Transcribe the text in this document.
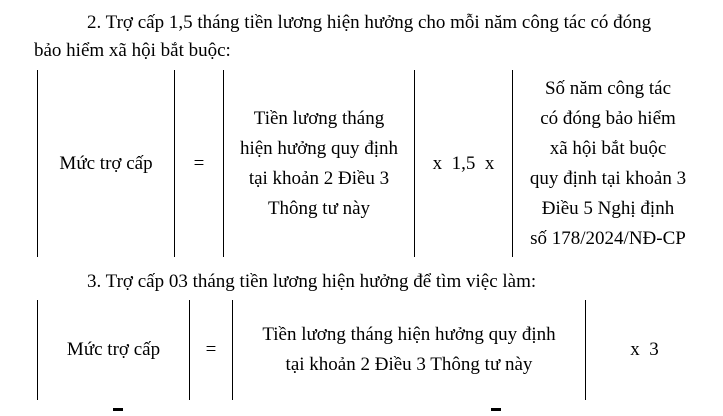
2. Trợ cấp 1,5 tháng tiền lương hiện hưởng cho mỗi năm công tác có đóng
bảo hiểm xã hội bắt buộc:
Mức trợ cấp =
Tiền lương tháng
hiện hưởng quy định
tại khoản 2 Điều 3
Thông tư này
x  1,5  x
Số năm công tác
có đóng bảo hiểm
xã hội bắt buộc
quy định tại khoản 3
Điều 5 Nghị định
số 178/2024/NĐ-CP
3. Trợ cấp 03 tháng tiền lương hiện hưởng để tìm việc làm:
Mức trợ cấp =
Tiền lương tháng hiện hưởng quy định
tại khoản 2 Điều 3 Thông tư này
x  3
